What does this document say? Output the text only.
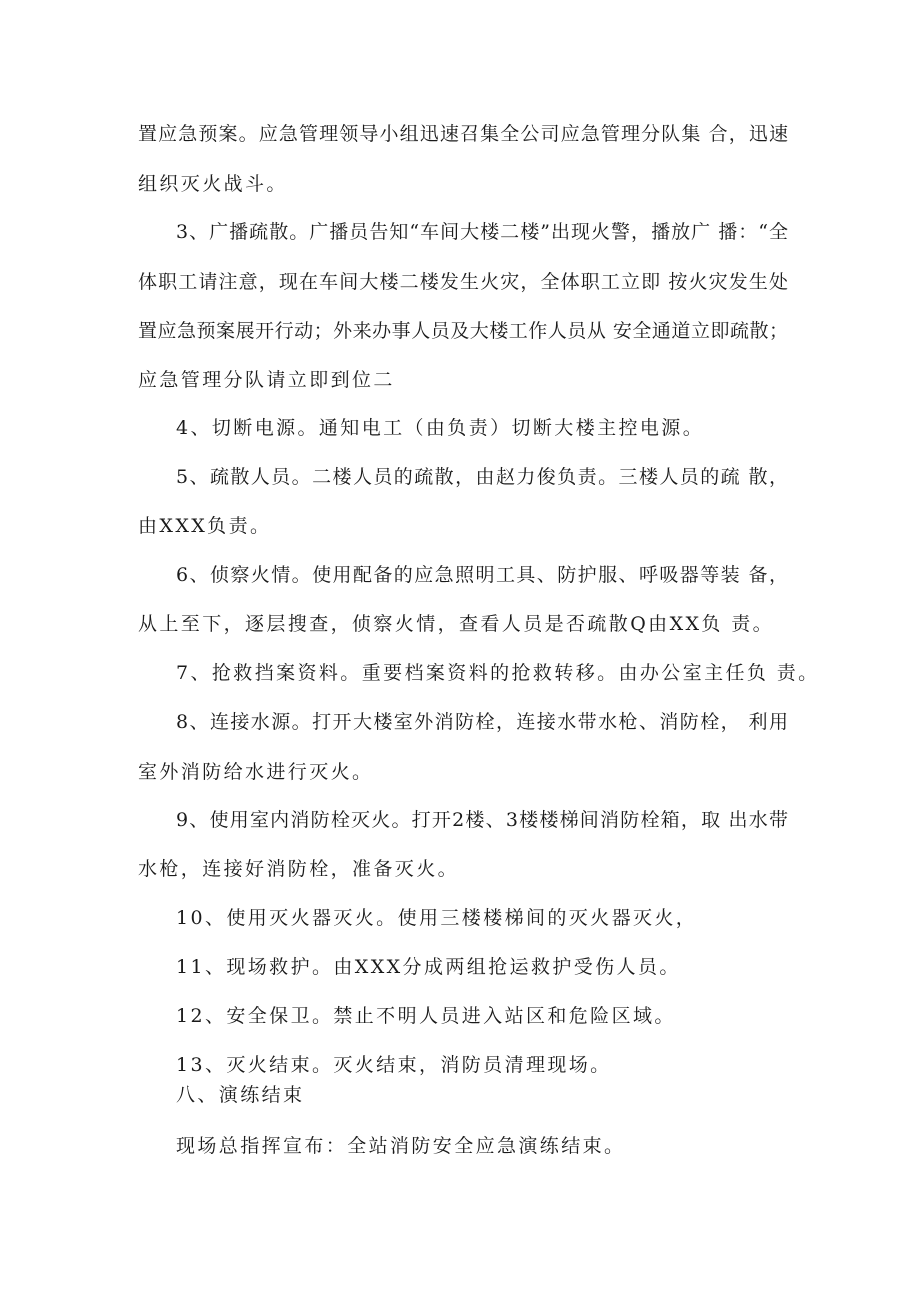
置应急预案。应急管理领导小组迅速召集全公司应急管理分队集 合，迅速
组织灭火战斗。
3、广播疏散。广播员告知“车间大楼二楼”出现火警，播放广 播：“全
体职工请注意，现在车间大楼二楼发生火灾，全体职工立即 按火灾发生处
置应急预案展开行动；外来办事人员及大楼工作人员从 安全通道立即疏散；
应急管理分队请立即到位二
4、切断电源。通知电工（由负责）切断大楼主控电源。
5、疏散人员。二楼人员的疏散，由赵力俊负责。三楼人员的疏 散，
由XXX负责。
6、侦察火情。使用配备的应急照明工具、防护服、呼吸器等装 备，
从上至下，逐层搜查，侦察火情，查看人员是否疏散Q由XX负 责。
7、抢救挡案资料。重要档案资料的抢救转移。由办公室主任负 责。
8、连接水源。打开大楼室外消防栓，连接水带水枪、消防栓， 利用
室外消防给水进行灭火。
9、使用室内消防栓灭火。打开2楼、3楼楼梯间消防栓箱，取 出水带
水枪，连接好消防栓，准备灭火。
10、使用灭火器灭火。使用三楼楼梯间的灭火器灭火，
11、现场救护。由XXX分成两组抢运救护受伤人员。
12、安全保卫。禁止不明人员进入站区和危险区域。
13、灭火结束。灭火结束，消防员清理现场。
八、演练结束
现场总指挥宣布：全站消防安全应急演练结束。
